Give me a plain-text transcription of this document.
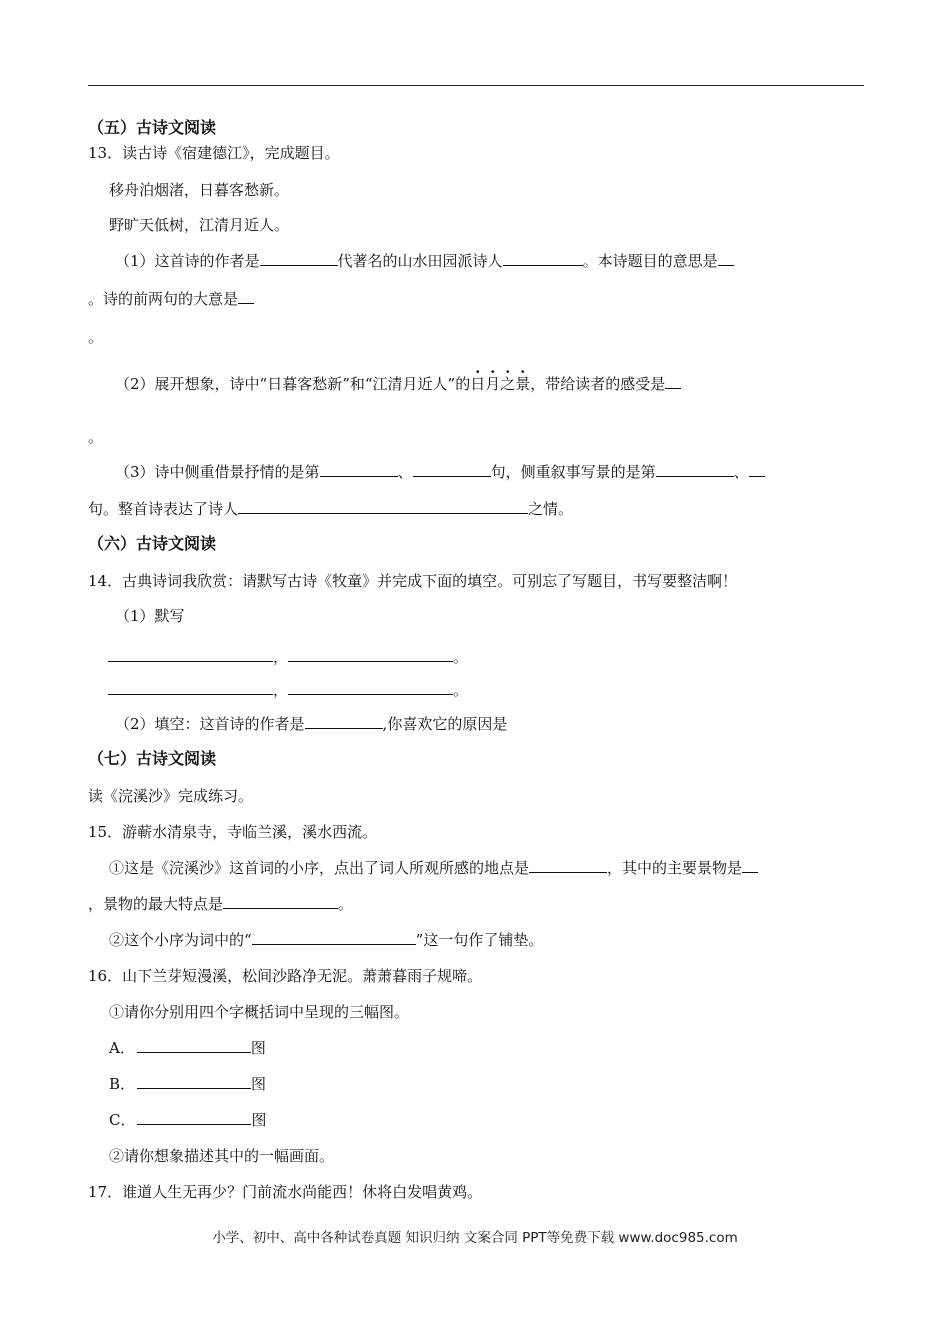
（五）古诗文阅读
13．读古诗《宿建德江》，完成题目。
移舟泊烟渚，日暮客愁新。
野旷天低树，江清月近人。
（1）这首诗的作者是	代著名的山水田园派诗人	。本诗题目的意思是
。诗的前两句的大意是
。
（2）展开想象，诗中“日暮客愁新”和“江清月近人”的日月之景，带给读者的感受是
。
（3）诗中侧重借景抒情的是第	、	句，侧重叙事写景的是第	、
句。整首诗表达了诗人	之情。
（六）古诗文阅读
14．古典诗词我欣赏：请默写古诗《牧童》并完成下面的填空。可别忘了写题目，书写要整洁啊！
（1）默写
，	。
，	。
（2）填空：这首诗的作者是	,你喜欢它的原因是
（七）古诗文阅读
读《浣溪沙》完成练习。
15．游蕲水清泉寺，寺临兰溪，溪水西流。
①这是《浣溪沙》这首词的小序，点出了词人所观所感的地点是	，其中的主要景物是
，景物的最大特点是	。
②这个小序为词中的“	”这一句作了铺垫。
16．山下兰芽短漫溪，松间沙路净无泥。萧萧暮雨子规啼。
①请你分别用四个字概括词中呈现的三幅图。
A．	图
B．	图
C．	图
②请你想象描述其中的一幅画面。
17．谁道人生无再少？门前流水尚能西！休将白发唱黄鸡。
小学、初中、高中各种试卷真题 知识归纳 文案合同 PPT等免费下载 www.doc985.com
